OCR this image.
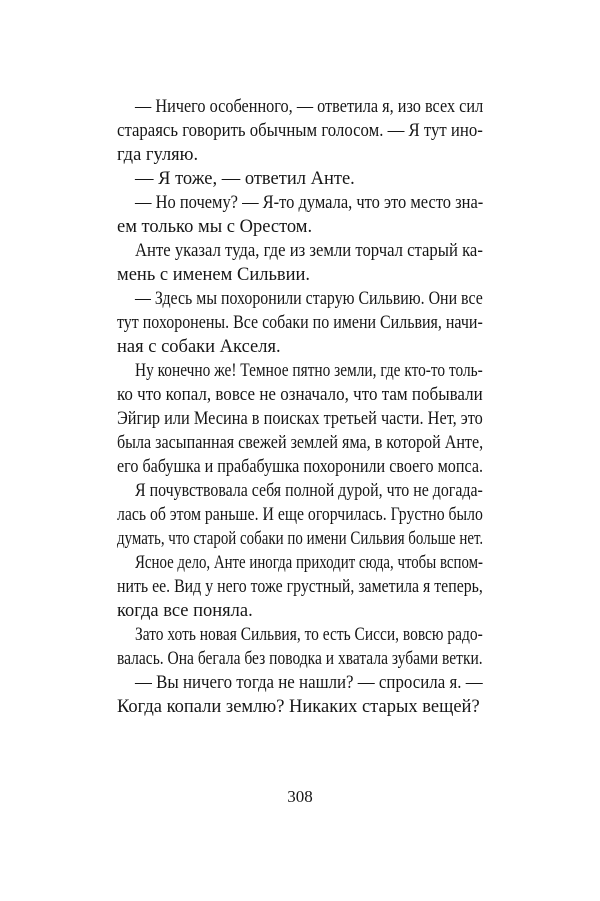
— Ничего особенного, — ответила я, изо всех сил
стараясь говорить обычным голосом. — Я тут ино-
гда гуляю.
— Я тоже, — ответил Анте.
— Но почему? — Я-то думала, что это место зна-
ем только мы с Орестом.
Анте указал туда, где из земли торчал старый ка-
мень с именем Сильвии.
— Здесь мы похоронили старую Сильвию. Они все
тут похоронены. Все собаки по имени Сильвия, начи-
ная с собаки Акселя.
Ну конечно же! Темное пятно земли, где кто-то толь-
ко что копал, вовсе не означало, что там побывали
Эйгир или Месина в поисках третьей части. Нет, это
была засыпанная свежей землей яма, в которой Анте,
его бабушка и прабабушка похоронили своего мопса.
Я почувствовала себя полной дурой, что не догада-
лась об этом раньше. И еще огорчилась. Грустно было
думать, что старой собаки по имени Сильвия больше нет.
Ясное дело, Анте иногда приходит сюда, чтобы вспом-
нить ее. Вид у него тоже грустный, заметила я теперь,
когда все поняла.
Зато хоть новая Сильвия, то есть Сисси, вовсю радо-
валась. Она бегала без поводка и хватала зубами ветки.
— Вы ничего тогда не нашли? — спросила я. —
Когда копали землю? Никаких старых вещей?
308
